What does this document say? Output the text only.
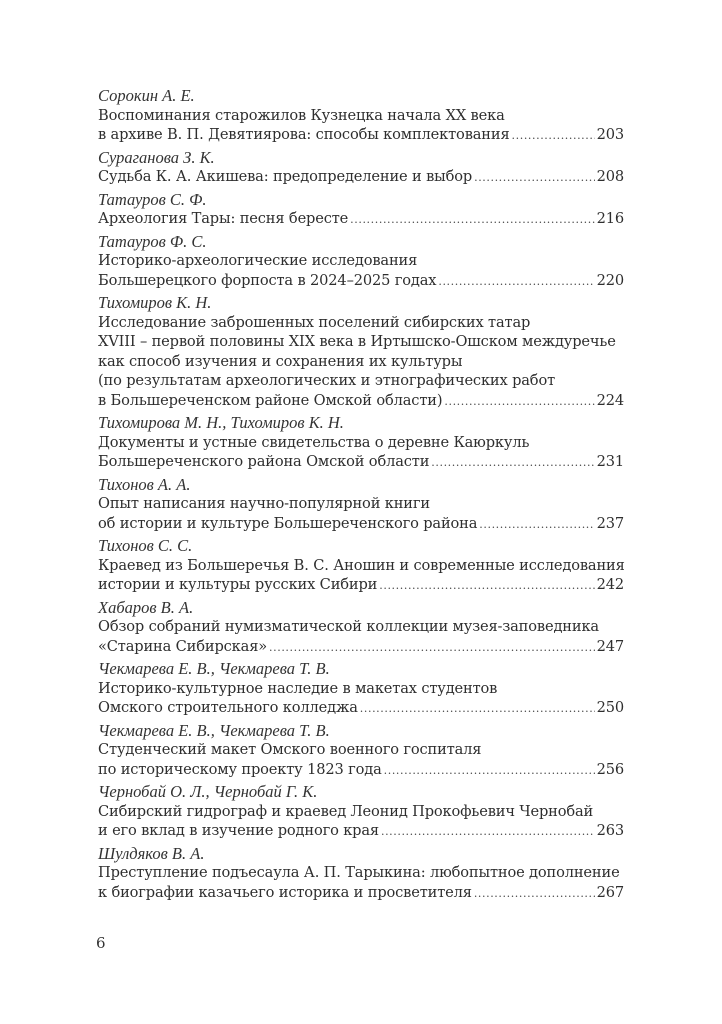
Сорокин А. Е.
Воспоминания старожилов Кузнецка начала XX века
в архиве В. П. Девятиярова: способы комплектования .....	203
Сураганова З. К.
Судьба К. А. Акишева: предопределение и выбор .....	208
Татауров С. Ф.
Археология Тары: песня бересте .....	216
Татауров Ф. С.
Историко-археологические исследования
Большерецкого форпоста в 2024–2025 годах .....	220
Тихомиров К. Н.
Исследование заброшенных поселений сибирских татар
XVIII – первой половины XIX века в Иртышско-Ошском междуречье
как способ изучения и сохранения их культуры
(по результатам археологических и этнографических работ
в Большереченском районе Омской области) .....	224
Тихомирова М. Н., Тихомиров К. Н.
Документы и устные свидетельства о деревне Каюркуль
Большереченского района Омской области .....	231
Тихонов А. А.
Опыт написания научно-популярной книги
об истории и культуре Большереченского района .....	237
Тихонов С. С.
Краевед из Большеречья В. С. Аношин и современные исследования
истории и культуры русских Сибири .....	242
Хабаров В. А.
Обзор собраний нумизматической коллекции музея-заповедника
«Старина Сибирская» .....	247
Чекмарева Е. В., Чекмарева Т. В.
Историко-культурное наследие в макетах студентов
Омского строительного колледжа .....	250
Чекмарева Е. В., Чекмарева Т. В.
Студенческий макет Омского военного госпиталя
по историческому проекту 1823 года .....	256
Чернобай О. Л., Чернобай Г. К.
Сибирский гидрограф и краевед Леонид Прокофьевич Чернобай
и его вклад в изучение родного края .....	263
Шулдяков В. А.
Преступление подъесаула А. П. Тарыкина: любопытное дополнение
к биографии казачьего историка и просветителя .....	267
6
